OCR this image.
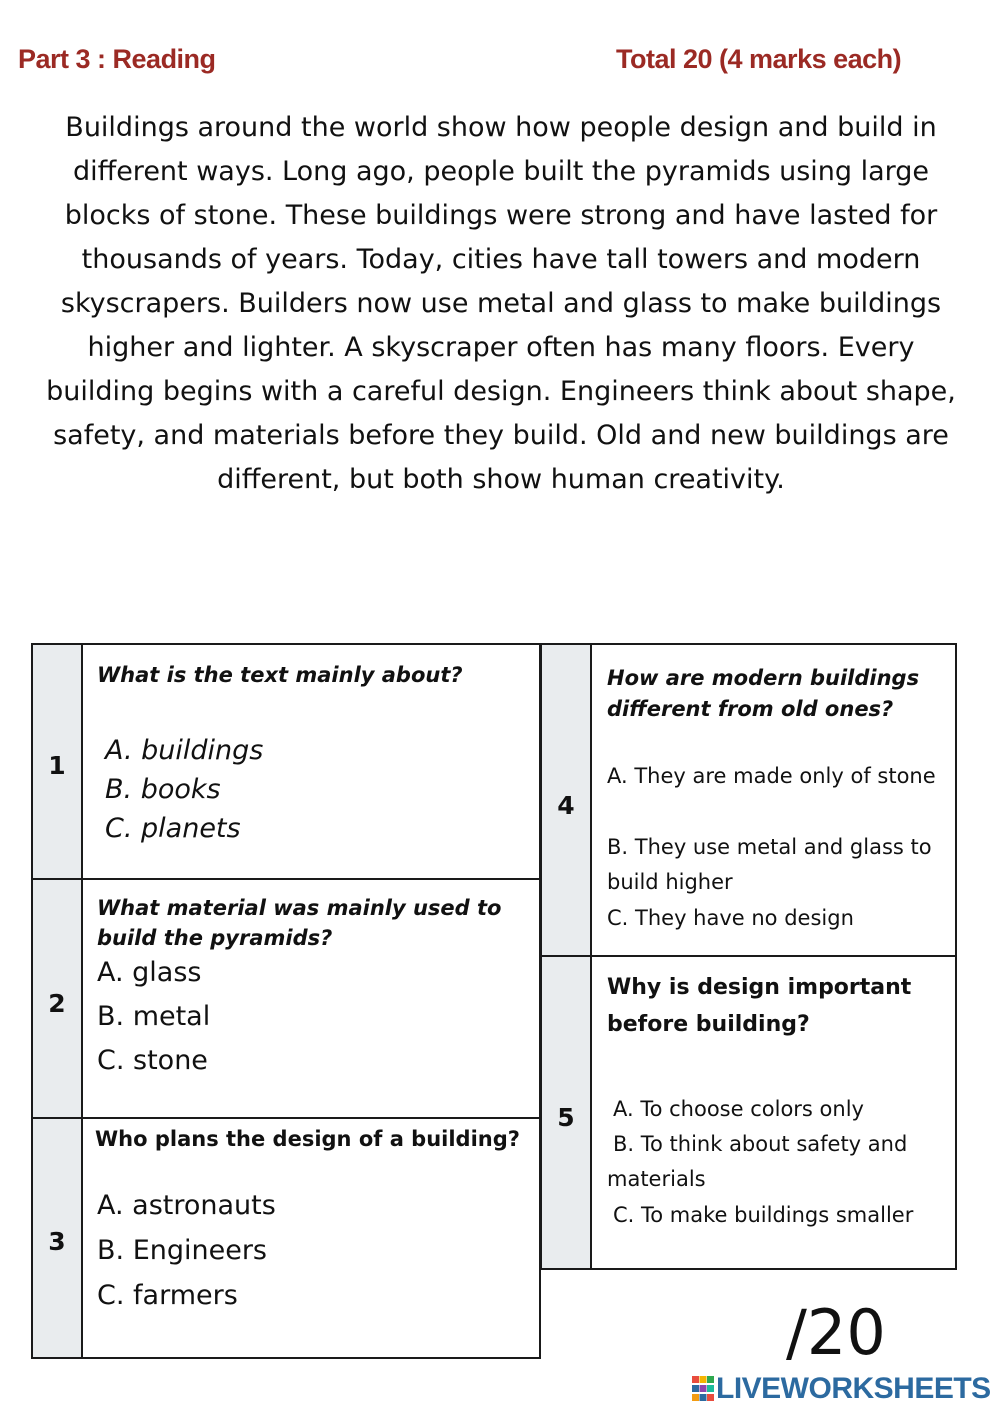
Part 3 : Reading	Total 20 (4 marks each)
Buildings around the world show how people design and build in different ways. Long ago, people built the pyramids using large blocks of stone. These buildings were strong and have lasted for thousands of years. Today, cities have tall towers and modern skyscrapers. Builders now use metal and glass to make buildings higher and lighter. A skyscraper often has many floors. Every building begins with a careful design. Engineers think about shape, safety, and materials before they build. Old and new buildings are different, but both show human creativity.
1
What is the text mainly about?
A. buildings
B. books
C. planets
2
What material was mainly used to build the pyramids?
A. glass
B. metal
C. stone
3
Who plans the design of a building?
A. astronauts
B. Engineers
C. farmers
4
How are modern buildings different from old ones?
A. They are made only of stone
B. They use metal and glass to build higher
C. They have no design
5
Why is design important before building?
A. To choose colors only
B. To think about safety and materials
C. To make buildings smaller
/20
LIVEWORKSHEETS
